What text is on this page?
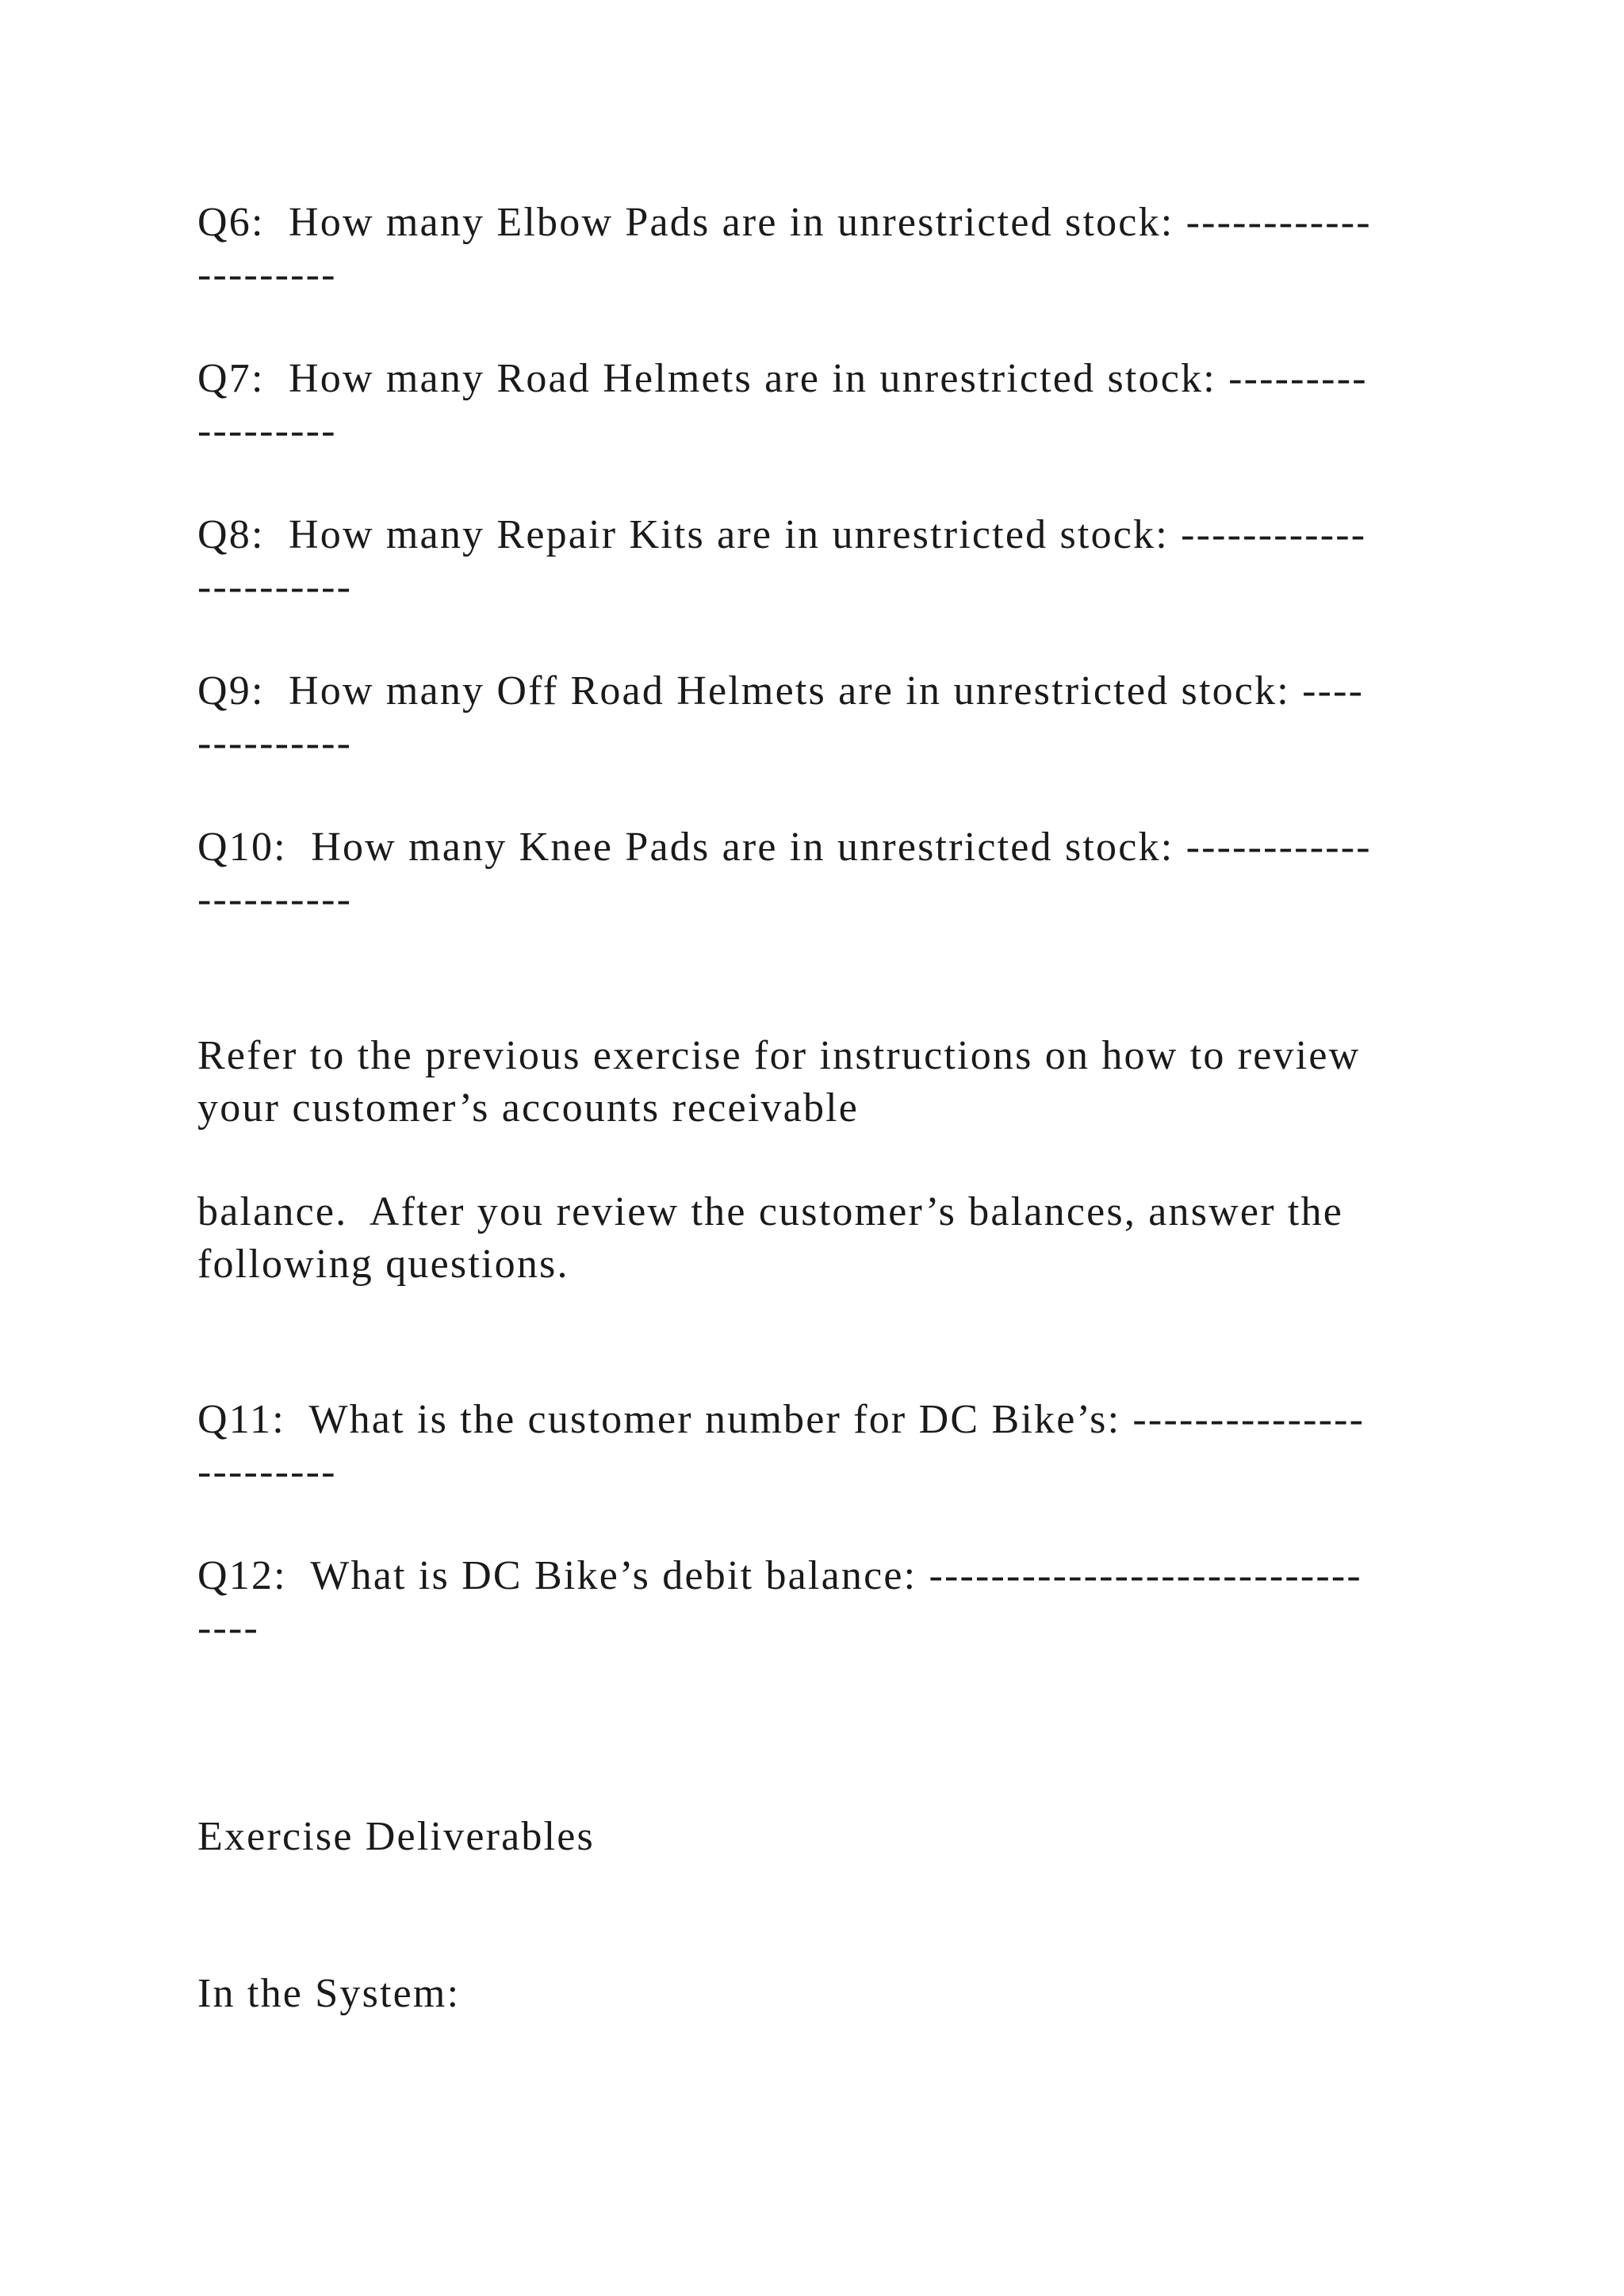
Q6:  How many Elbow Pads are in unrestricted stock: ------------
---------
Q7:  How many Road Helmets are in unrestricted stock: ---------
---------
Q8:  How many Repair Kits are in unrestricted stock: ------------
----------
Q9:  How many Off Road Helmets are in unrestricted stock: ----
----------
Q10:  How many Knee Pads are in unrestricted stock: ------------
----------
Refer to the previous exercise for instructions on how to review
your customer’s accounts receivable
balance.  After you review the customer’s balances, answer the
following questions.
Q11:  What is the customer number for DC Bike’s: ---------------
---------
Q12:  What is DC Bike’s debit balance: ----------------------------
----
Exercise Deliverables
In the System:
